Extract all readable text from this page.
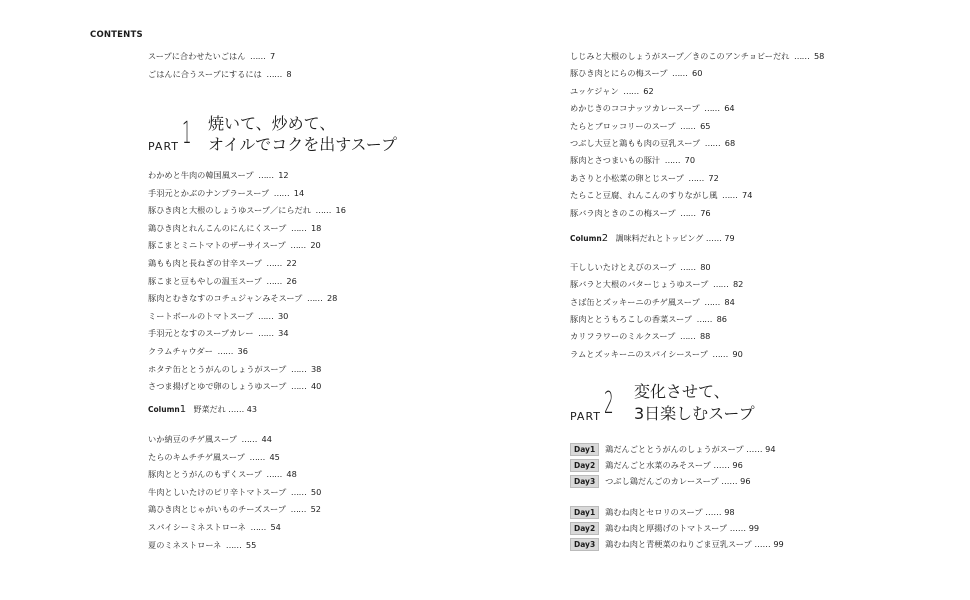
CONTENTS
PART 1 焼いて、炒めて、
オイルでコクを出すスープ
Column1 野菜だれ …… 43
Column2 調味料だれとトッピング …… 79
PART 2 変化させて、
3日楽しむスープ
スープに合わせたいごはん …… 7
ごはんに合うスープにするには …… 8
わかめと牛肉の韓国風スープ …… 12
手羽元とかぶのナンプラースープ …… 14
豚ひき肉と大根のしょうゆスープ／にらだれ …… 16
鶏ひき肉とれんこんのにんにくスープ …… 18
豚こまとミニトマトのザーサイスープ …… 20
鶏もも肉と長ねぎの甘辛スープ …… 22
豚こまと豆もやしの温玉スープ …… 26
豚肉とむきなすのコチュジャンみそスープ …… 28
ミートボールのトマトスープ …… 30
手羽元となすのスープカレー …… 34
クラムチャウダー …… 36
ホタテ缶ととうがんのしょうがスープ …… 38
さつま揚げとゆで卵のしょうゆスープ …… 40
いか納豆のチゲ風スープ …… 44
たらのキムチチゲ風スープ …… 45
豚肉ととうがんのもずくスープ …… 48
牛肉としいたけのピリ辛トマトスープ …… 50
鶏ひき肉とじゃがいものチーズスープ …… 52
スパイシーミネストローネ …… 54
夏のミネストローネ …… 55
しじみと大根のしょうがスープ／きのこのアンチョビーだれ …… 58
豚ひき肉とにらの梅スープ …… 60
ユッケジャン …… 62
めかじきのココナッツカレースープ …… 64
たらとブロッコリーのスープ …… 65
つぶし大豆と鶏もも肉の豆乳スープ …… 68
豚肉とさつまいもの豚汁 …… 70
あさりと小松菜の卵とじスープ …… 72
たらこと豆腐、れんこんのすりながし風 …… 74
豚バラ肉ときのこの梅スープ …… 76
干ししいたけとえびのスープ …… 80
豚バラと大根のバターじょうゆスープ …… 82
さば缶とズッキーニのチゲ風スープ …… 84
豚肉ととうもろこしの香菜スープ …… 86
カリフラワーのミルクスープ …… 88
ラムとズッキーニのスパイシースープ …… 90
Day1 鶏だんごととうがんのしょうがスープ …… 94
Day2 鶏だんごと水菜のみそスープ …… 96
Day3 つぶし鶏だんごのカレースープ …… 96
Day1 鶏むね肉とセロリのスープ …… 98
Day2 鶏むね肉と厚揚げのトマトスープ …… 99
Day3 鶏むね肉と青梗菜のねりごま豆乳スープ …… 99
